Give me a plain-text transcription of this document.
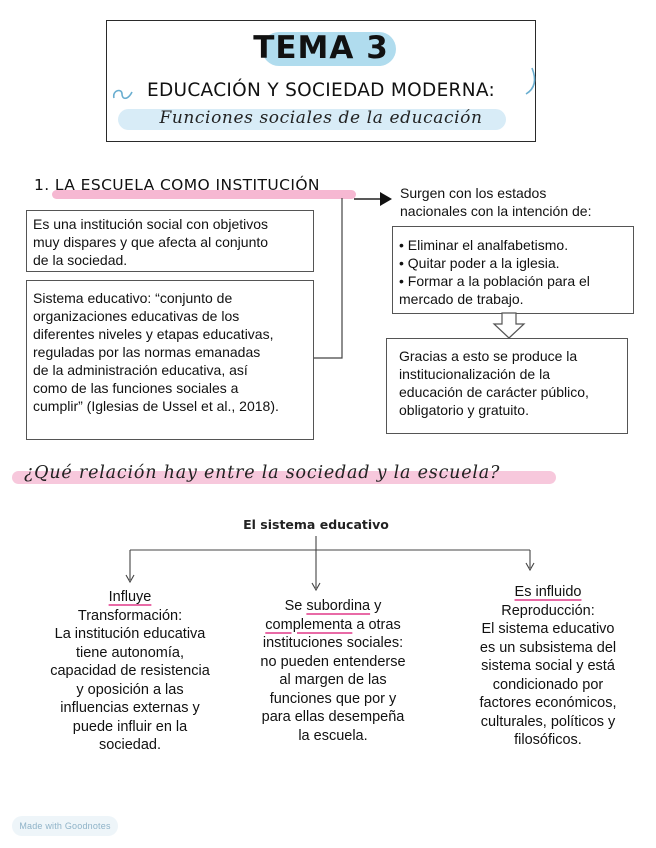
TEMA 3
EDUCACIÓN Y SOCIEDAD MODERNA:
Funciones sociales de la educación
1. LA ESCUELA COMO INSTITUCIÓN
Es una institución social con objetivos
muy dispares y que afecta al conjunto
de la sociedad.
Sistema educativo: “conjunto de
organizaciones educativas de los
diferentes niveles y etapas educativas,
reguladas por las normas emanadas
de la administración educativa, así
como de las funciones sociales a
cumplir” (Iglesias de Ussel et al., 2018).
Surgen con los estados
nacionales con la intención de:
• Eliminar el analfabetismo.
• Quitar poder a la iglesia.
• Formar a la población para el
mercado de trabajo.
Gracias a esto se produce la
institucionalización de la
educación de carácter público,
obligatorio y gratuito.
¿Qué relación hay entre la sociedad y la escuela?
El sistema educativo
Influye
Transformación:
La institución educativa
tiene autonomía,
capacidad de resistencia
y oposición a las
influencias externas y
puede influir en la
sociedad.
Se subordina y
complementa a otras
instituciones sociales:
no pueden entenderse
al margen de las
funciones que por y
para ellas desempeña
la escuela.
Es influido
Reproducción:
El sistema educativo
es un subsistema del
sistema social y está
condicionado por
factores económicos,
culturales, políticos y
filosóficos.
Made with Goodnotes
